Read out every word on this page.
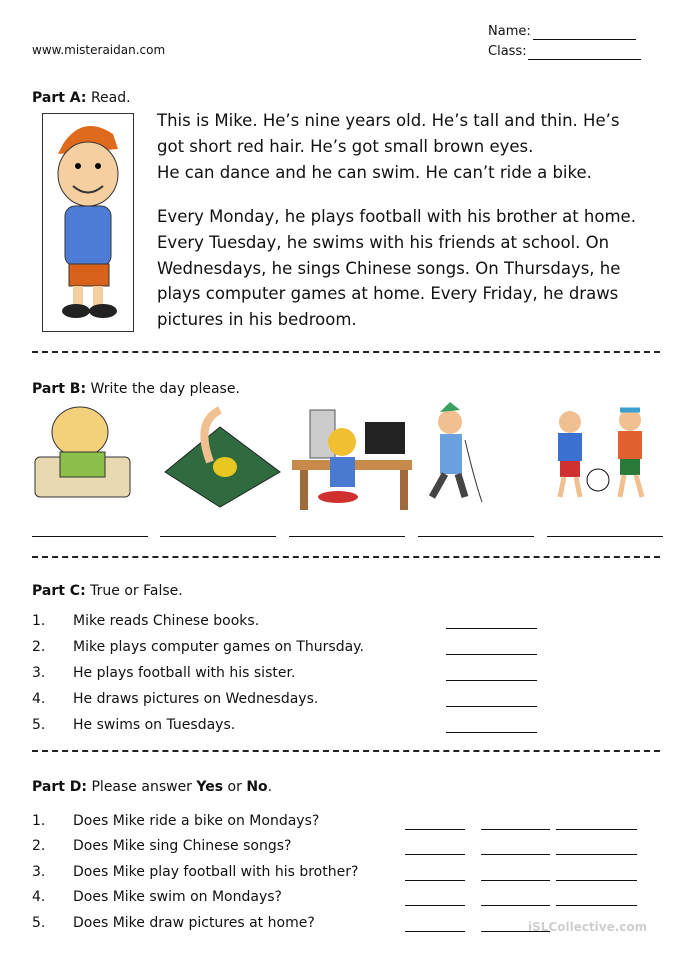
www.misteraidan.com
Name:
Class:
Part A: Read.
This is Mike. He’s nine years old. He’s tall and thin. He’s
got short red hair. He’s got small brown eyes.
He can dance and he can swim. He can’t ride a bike.
Every Monday, he plays football with his brother at home.
Every Tuesday, he swims with his friends at school. On
Wednesdays, he sings Chinese songs. On Thursdays, he
plays computer games at home. Every Friday, he draws
pictures in his bedroom.
Part B: Write the day please.
Part C: True or False.
1. Mike reads Chinese books.
2. Mike plays computer games on Thursday.
3. He plays football with his sister.
4. He draws pictures on Wednesdays.
5. He swims on Tuesdays.
Part D: Please answer Yes or No.
1. Does Mike ride a bike on Mondays?
2. Does Mike sing Chinese songs?
3. Does Mike play football with his brother?
4. Does Mike swim on Mondays?
5. Does Mike draw pictures at home?	iSLCollective.com
